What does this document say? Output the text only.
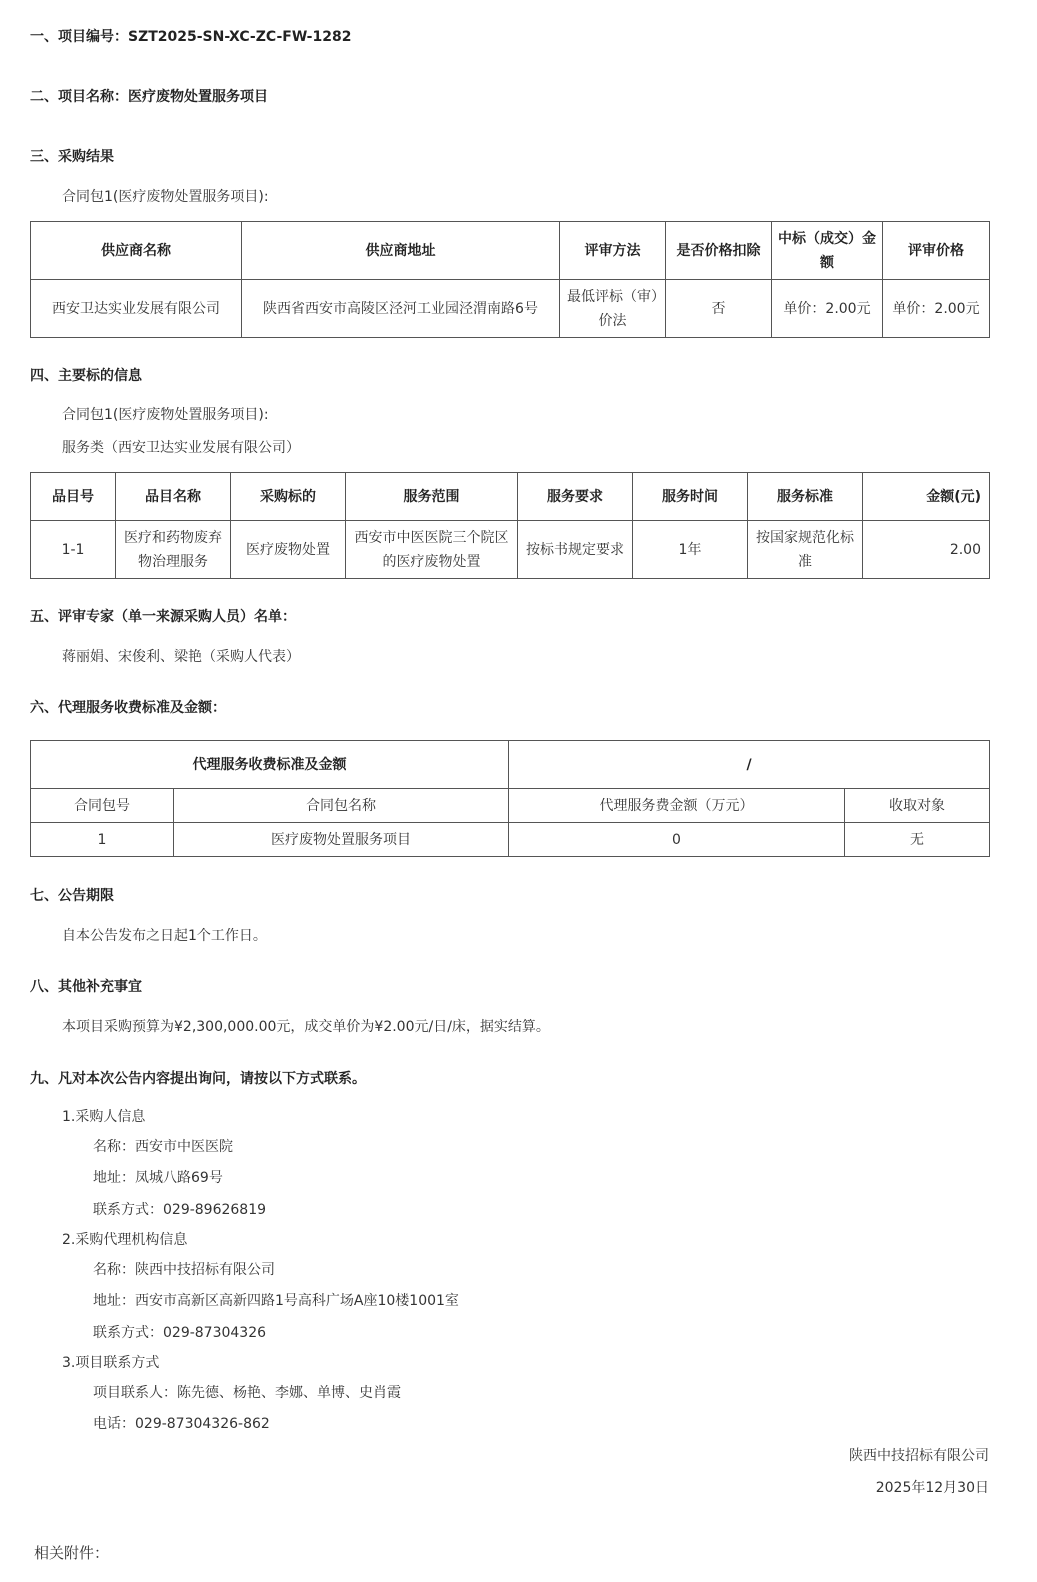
一、项目编号：SZT2025-SN-XC-ZC-FW-1282
二、项目名称：医疗废物处置服务项目
三、采购结果
合同包1(医疗废物处置服务项目):
供应商名称	供应商地址	评审方法	是否价格扣除	中标（成交）金额	评审价格
西安卫达实业发展有限公司	陕西省西安市高陵区泾河工业园泾渭南路6号	最低评标（审）价法	否	单价：2.00元	单价：2.00元
四、主要标的信息
合同包1(医疗废物处置服务项目):
服务类（西安卫达实业发展有限公司）
品目号	品目名称	采购标的	服务范围	服务要求	服务时间	服务标准	金额(元)
1-1	医疗和药物废弃物治理服务	医疗废物处置	西安市中医医院三个院区的医疗废物处置	按标书规定要求	1年	按国家规范化标准	2.00
五、评审专家（单一来源采购人员）名单：
蒋丽娟、宋俊利、梁艳（采购人代表）
六、代理服务收费标准及金额：
代理服务收费标准及金额		/	
合同包号	合同包名称	代理服务费金额（万元）	收取对象
1	医疗废物处置服务项目	0	无
七、公告期限
自本公告发布之日起1个工作日。
八、其他补充事宜
本项目采购预算为¥2,300,000.00元，成交单价为¥2.00元/日/床，据实结算。
九、凡对本次公告内容提出询问，请按以下方式联系。
1.采购人信息
名称：西安市中医医院
地址：凤城八路69号
联系方式：029-89626819
2.采购代理机构信息
名称：陕西中技招标有限公司
地址：西安市高新区高新四路1号高科广场A座10楼1001室
联系方式：029-87304326
3.项目联系方式
项目联系人：陈先德、杨艳、李娜、单博、史肖霞
电话：029-87304326-862
陕西中技招标有限公司
2025年12月30日
相关附件：
